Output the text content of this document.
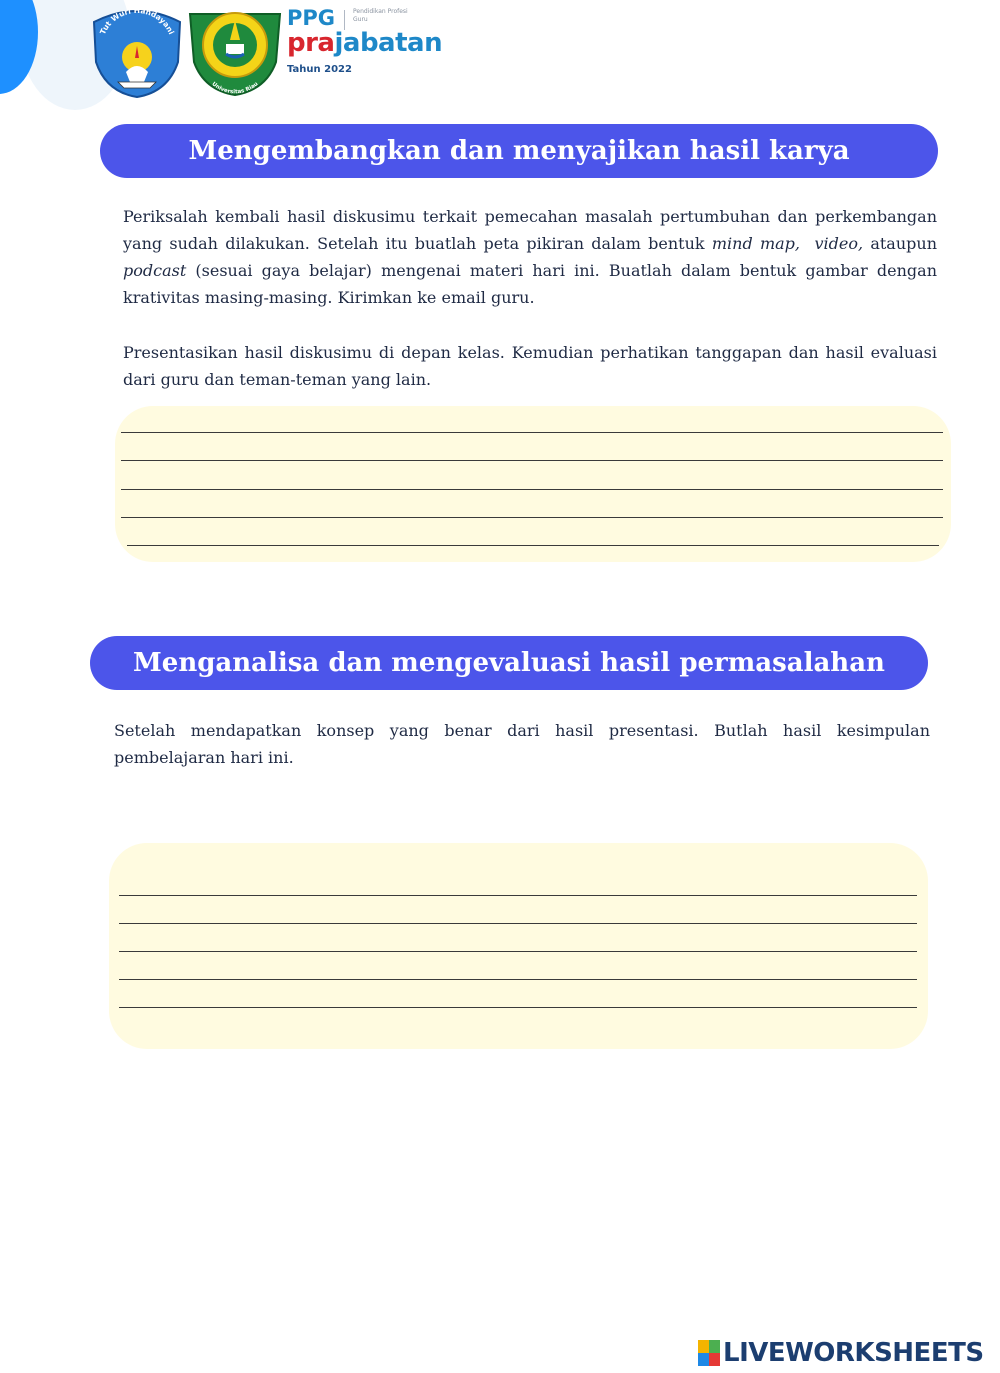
Tut Wuri Handayani
Universitas Riau
PPG	Pendidikan Profesi Guru
prajabatan
Tahun 2022
Mengembangkan dan menyajikan hasil karya

Periksalah kembali hasil diskusimu terkait pemecahan masalah pertumbuhan dan perkembangan yang sudah dilakukan. Setelah itu buatlah peta pikiran dalam bentuk mind map, video, ataupun podcast (sesuai gaya belajar) mengenai materi hari ini. Buatlah dalam bentuk gambar dengan krativitas masing-masing. Kirimkan ke email guru.

Presentasikan hasil diskusimu di depan kelas. Kemudian perhatikan tanggapan dan hasil evaluasi dari guru dan teman-teman yang lain.

Menganalisa dan mengevaluasi hasil permasalahan

Setelah mendapatkan konsep yang benar dari hasil presentasi. Butlah hasil kesimpulan pembelajaran hari ini.

LIVEWORKSHEETS
